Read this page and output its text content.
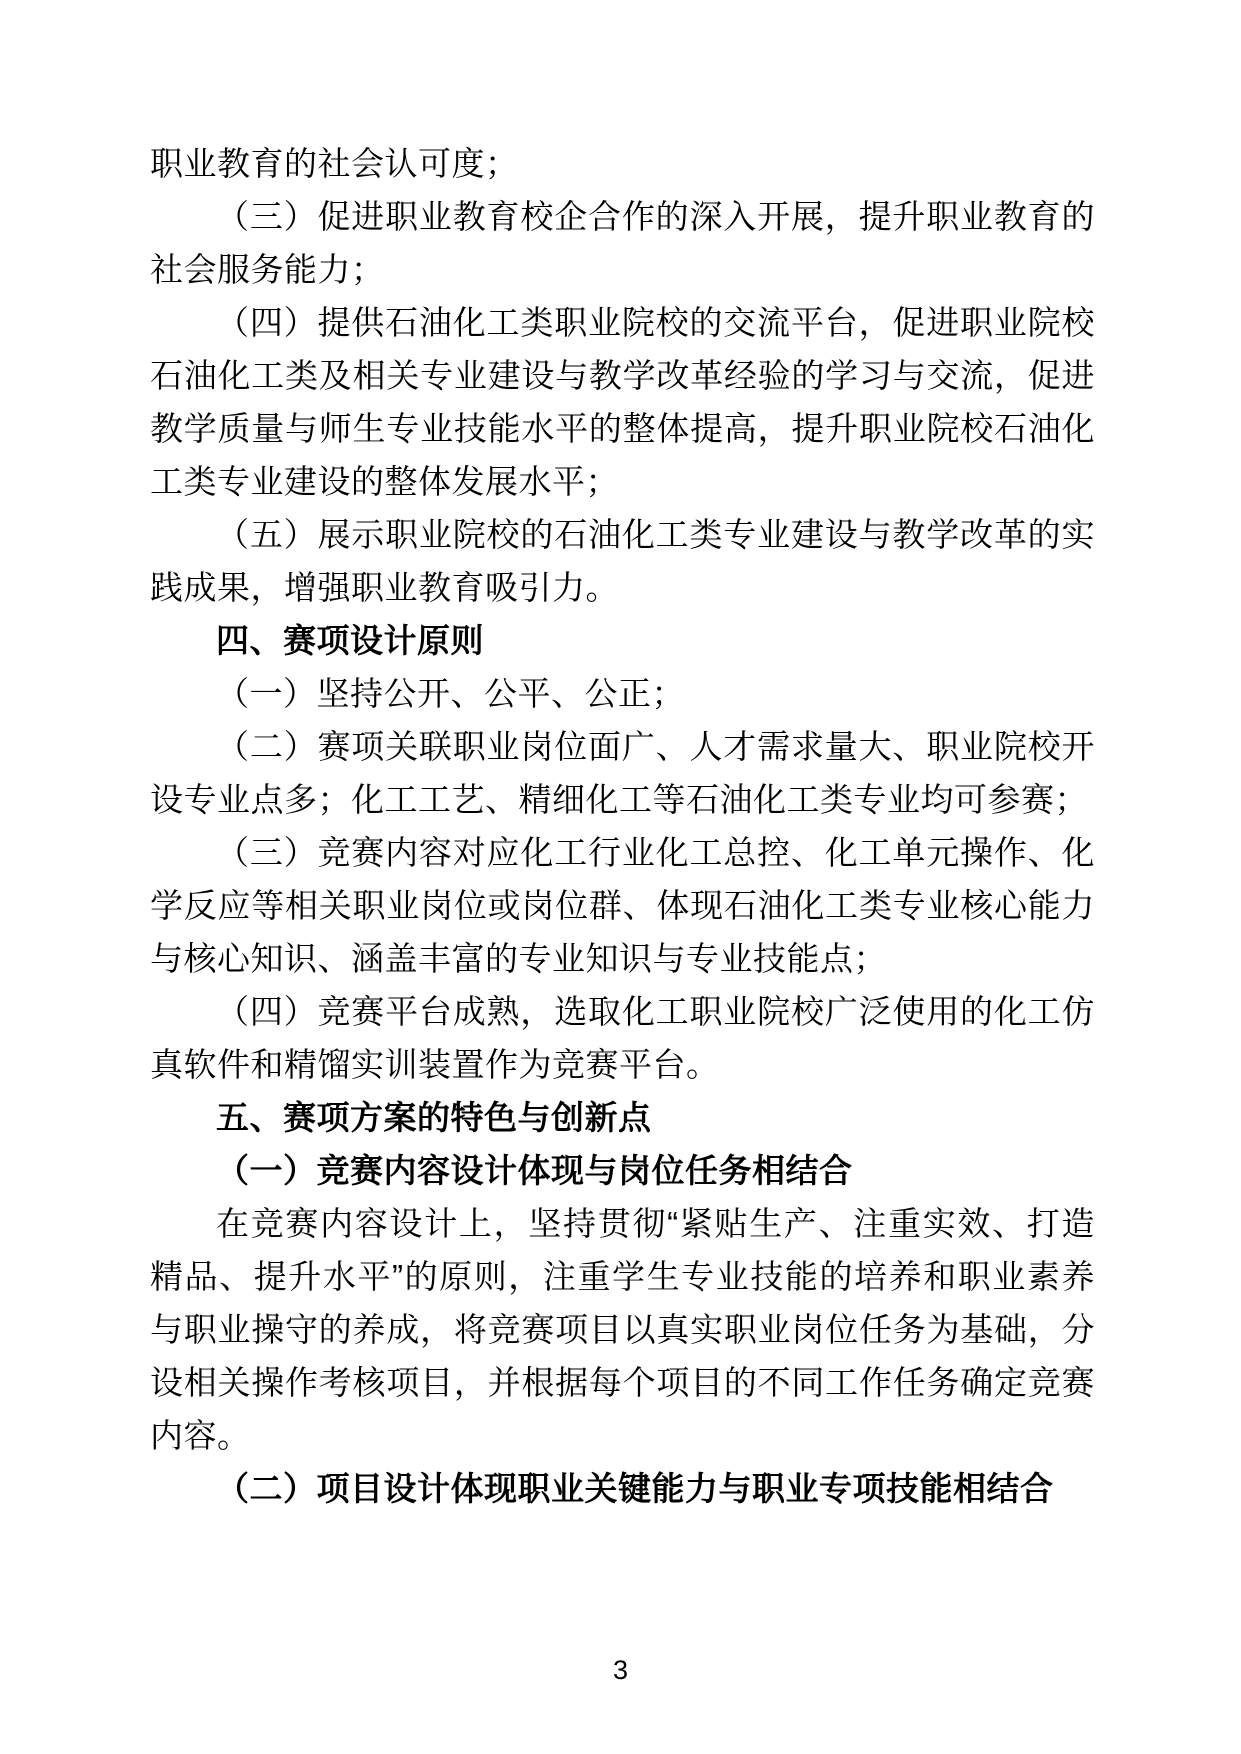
职业教育的社会认可度；

（三）促进职业教育校企合作的深入开展，提升职业教育的社会服务能力；

（四）提供石油化工类职业院校的交流平台，促进职业院校石油化工类及相关专业建设与教学改革经验的学习与交流，促进教学质量与师生专业技能水平的整体提高，提升职业院校石油化工类专业建设的整体发展水平；

（五）展示职业院校的石油化工类专业建设与教学改革的实践成果，增强职业教育吸引力。

四、赛项设计原则

（一）坚持公开、公平、公正；

（二）赛项关联职业岗位面广、人才需求量大、职业院校开设专业点多；化工工艺、精细化工等石油化工类专业均可参赛；

（三）竞赛内容对应化工行业化工总控、化工单元操作、化学反应等相关职业岗位或岗位群、体现石油化工类专业核心能力与核心知识、涵盖丰富的专业知识与专业技能点；

（四）竞赛平台成熟，选取化工职业院校广泛使用的化工仿真软件和精馏实训装置作为竞赛平台。

五、赛项方案的特色与创新点

（一）竞赛内容设计体现与岗位任务相结合

在竞赛内容设计上，坚持贯彻“紧贴生产、注重实效、打造精品、提升水平”的原则，注重学生专业技能的培养和职业素养与职业操守的养成，将竞赛项目以真实职业岗位任务为基础，分设相关操作考核项目，并根据每个项目的不同工作任务确定竞赛内容。

（二）项目设计体现职业关键能力与职业专项技能相结合

3
